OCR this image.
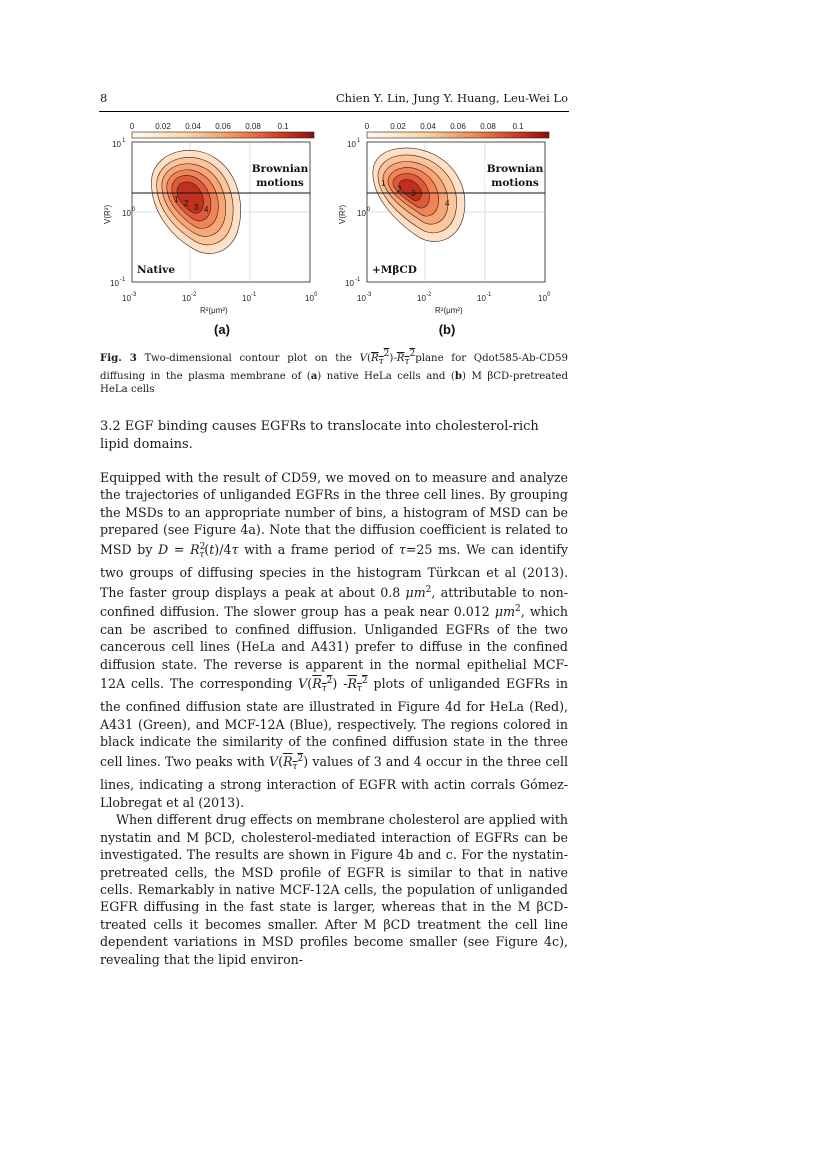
8	Chien Y. Lin, Jung Y. Huang, Leu-Wei Lo
0	0.02 0.04 0.06 0.08 0.1
1 2 3 4
Brownian
motions
Native
10 1
10 0
10 -1
V(R²)
10 -3	10 -2	10 -1	10 0
R²(μm²)
(a)
0	0.02 0.04 0.06 0.08 0.1
1
2 3
4
Brownian
motions
+MβCD
10 1
10 0
10 -1
V(R²)
10 -3	10 -2	10 -1	10 0
R²(μm²)
(b)
Fig. 3 Two-dimensional contour plot on the V(Rτ2)-Rτ2plane for Qdot585-Ab-CD59 diffusing in the plasma membrane of (a) native HeLa cells and (b) M βCD-pretreated HeLa cells
3.2 EGF binding causes EGFRs to translocate into cholesterol-rich lipid domains.

Equipped with the result of CD59, we moved on to measure and analyze the trajectories of unliganded EGFRs in the three cell lines. By grouping the MSDs to an appropriate number of bins, a histogram of MSD can be prepared (see Figure 4a). Note that the diffusion coefficient is related to MSD by $D = R^2_\tau(t)/4\tau$ with a frame period of τ=25 ms. We can identify two groups of diffusing species in the histogram Türkcan et al (2013). The faster group displays a peak at about 0.8 $\mu m^2$, attributable to non-confined diffusion. The slower group has a peak near 0.012 $\mu m^2$, which can be ascribed to confined diffusion. Unliganded EGFRs of the two cancerous cell lines (HeLa and A431) prefer to diffuse in the confined diffusion state. The reverse is apparent in the normal epithelial MCF-12A cells. The corresponding $V(R_\tau^2)$ $-R_\tau^2$ plots of unliganded EGFRs in the confined diffusion state are illustrated in Figure 4d for HeLa (Red), A431 (Green), and MCF-12A (Blue), respectively. The regions colored in black indicate the similarity of the confined diffusion state in the three cell lines. Two peaks with $V(R_\tau^2)$ values of 3 and 4 occur in the three cell lines, indicating a strong interaction of EGFR with actin corrals Gómez-Llobregat et al (2013).

When different drug effects on membrane cholesterol are applied with nystatin and M βCD, cholesterol-mediated interaction of EGFRs can be investigated. The results are shown in Figure 4b and c. For the nystatin-pretreated cells, the MSD profile of EGFR is similar to that in native cells. Remarkably in native MCF-12A cells, the population of unliganded EGFR diffusing in the fast state is larger, whereas that in the M βCD-treated cells it becomes smaller. After M βCD treatment the cell line dependent variations in MSD profiles become smaller (see Figure 4c), revealing that the lipid environ-
